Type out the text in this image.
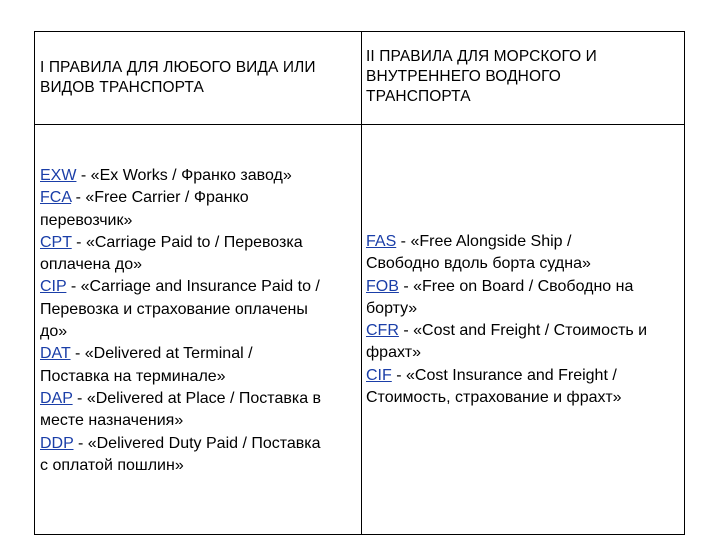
I ПРАВИЛА ДЛЯ ЛЮБОГО ВИДА ИЛИ ВИДОВ ТРАНСПОРТА
II ПРАВИЛА ДЛЯ МОРСКОГО И ВНУТРЕННЕГО ВОДНОГО ТРАНСПОРТА
EXW - «Ex Works / Франко завод»
FCA - «Free Carrier / Франко
перевозчик»
CPT - «Carriage Paid to / Перевозка
оплачена до»
CIP - «Carriage and Insurance Paid to /
Перевозка и страхование оплачены
до»
DAT - «Delivered at Terminal /
Поставка на терминале»
DAP - «Delivered at Place / Поставка в
месте назначения»
DDP - «Delivered Duty Paid / Поставка
с оплатой пошлин»
FAS - «Free Alongside Ship /
Свободно вдоль борта судна»
FOB - «Free on Board / Свободно на
борту»
CFR - «Cost and Freight / Стоимость и
фрахт»
CIF - «Cost Insurance and Freight /
Стоимость, страхование и фрахт»
